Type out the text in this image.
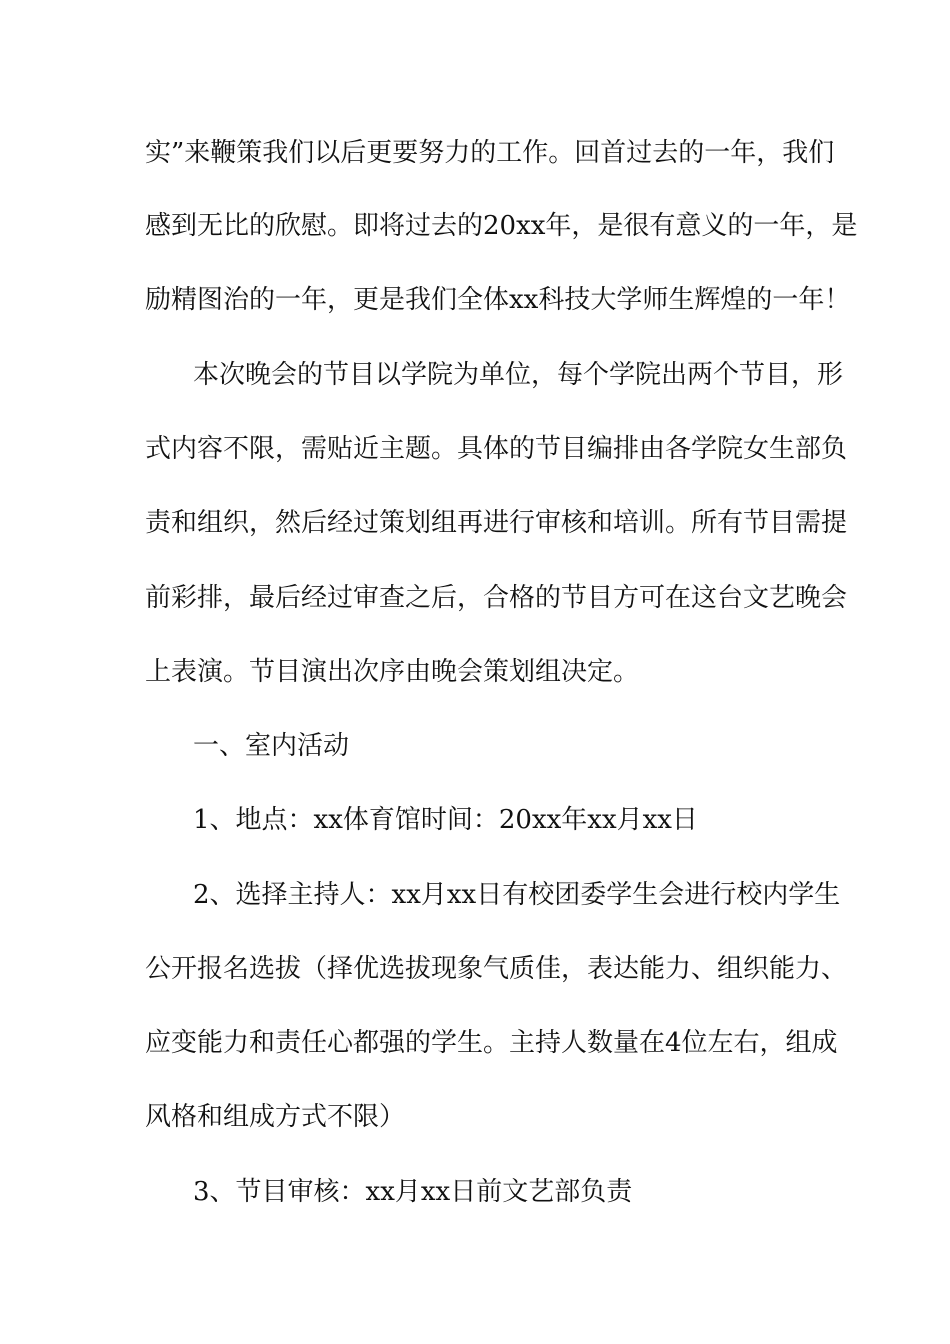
实”来鞭策我们以后更要努力的工作。回首过去的一年，我们
感到无比的欣慰。即将过去的20xx年，是很有意义的一年，是
励精图治的一年，更是我们全体xx科技大学师生辉煌的一年！
本次晚会的节目以学院为单位，每个学院出两个节目，形
式内容不限，需贴近主题。具体的节目编排由各学院女生部负
责和组织，然后经过策划组再进行审核和培训。所有节目需提
前彩排，最后经过审查之后，合格的节目方可在这台文艺晚会
上表演。节目演出次序由晚会策划组决定。
一、室内活动
1、地点：xx体育馆时间：20xx年xx月xx日
2、选择主持人：xx月xx日有校团委学生会进行校内学生
公开报名选拔（择优选拔现象气质佳，表达能力、组织能力、
应变能力和责任心都强的学生。主持人数量在4位左右，组成
风格和组成方式不限）
3、节目审核：xx月xx日前文艺部负责
